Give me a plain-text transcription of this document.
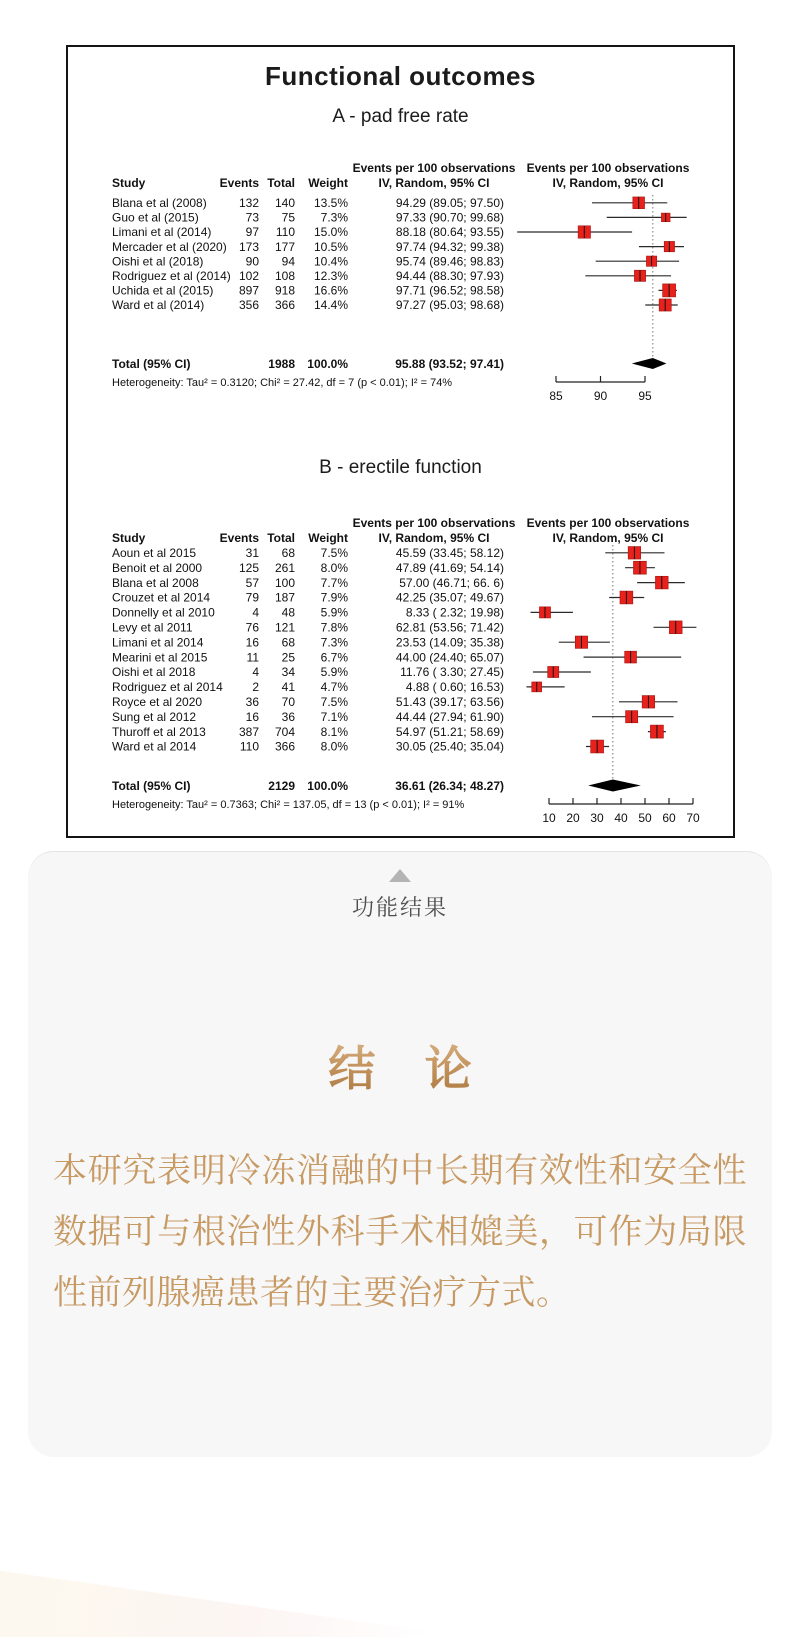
Functional outcomes
A - pad free rate
Events per 100 observations Events per 100 observations
Study	Events Total Weight	IV, Random, 95% CI	IV, Random, 95% CI
Blana et al (2008)	132 140 13.5%	94.29 (89.05; 97.50)
Guo et al (2015)	73 75 7.3%	97.33 (90.70; 99.68)
Limani et al (2014)	97 110 15.0%	88.18 (80.64; 93.55)
Mercader et al (2020) 173 177 10.5%	97.74 (94.32; 99.38)
Oishi et al (2018)	90 94 10.4%	95.74 (89.46; 98.83)
Rodriguez et al (2014) 102 108 12.3%	94.44 (88.30; 97.93)
Uchida et al (2015) 897 918 16.6%	97.71 (96.52; 98.58)
Ward et al (2014)	356 366 14.4%	97.27 (95.03; 98.68)
Total (95% CI)	1988 100.0%	95.88 (93.52; 97.41)
Heterogeneity: Tau² = 0.3120; Chi² = 27.42, df = 7 (p < 0.01); I² = 74%
85	90	95
B - erectile function
Events per 100 observations Events per 100 observations
Study	Events Total Weight	IV, Random, 95% CI	IV, Random, 95% CI
Aoun et al 2015	31 68 7.5%	45.59 (33.45; 58.12)
Benoit et al 2000	125 261 8.0%	47.89 (41.69; 54.14)
Blana et al 2008	57 100 7.7%	57.00 (46.71; 66. 6)
Crouzet et al 2014	79 187 7.9%	42.25 (35.07; 49.67)
Donnelly et al 2010	4 48 5.9%	8.33 ( 2.32; 19.98)
Levy et al 2011	76 121 7.8%	62.81 (53.56; 71.42)
Limani et al 2014	16 68 7.3%	23.53 (14.09; 35.38)
Mearini et al 2015	11 25 6.7%	44.00 (24.40; 65.07)
Oishi et al 2018	4 34 5.9%	11.76 ( 3.30; 27.45)
Rodriguez et al 2014 2 41 4.7%	4.88 ( 0.60; 16.53)
Royce et al 2020	36 70 7.5%	51.43 (39.17; 63.56)
Sung et al 2012	16 36 7.1%	44.44 (27.94; 61.90)
Thuroff et al 2013	387 704 8.1%	54.97 (51.21; 58.69)
Ward et al 2014	110 366 8.0%	30.05 (25.40; 35.04)
Total (95% CI)	2129 100.0%	36.61 (26.34; 48.27)
Heterogeneity: Tau² = 0.7363; Chi² = 137.05, df = 13 (p < 0.01); I² = 91%
10 20 30 40 50 60 70
功能结果
结 论
本研究表明冷冻消融的中长期有效性和安全性数据可与根治性外科手术相媲美，可作为局限性前列腺癌患者的主要治疗方式。
